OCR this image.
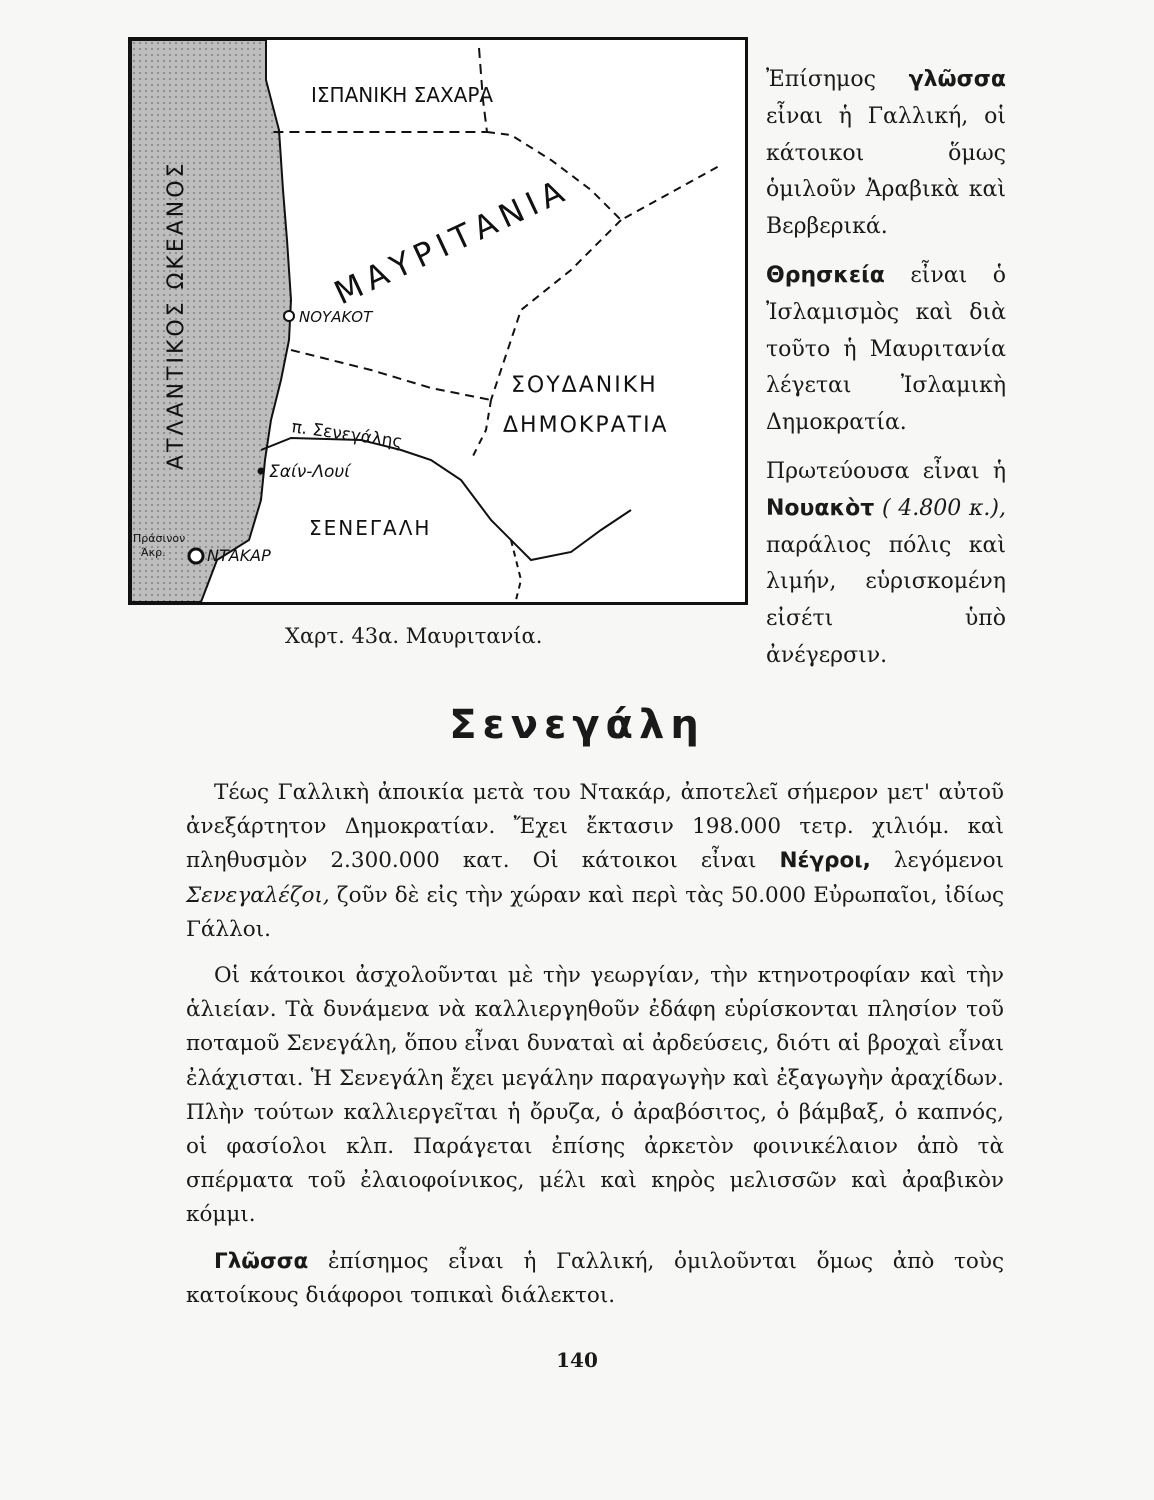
ΙΣΠΑΝΙΚΗ ΣΑΧΑΡΑ
ΑΤΛΑΝΤΙΚΟΣ ΩΚΕΑΝΟΣ	ΜΑΥΡΙΤΑΝΙΑ
ΝΟΥΑΚΟΤ
ΣΟΥΔΑΝΙΚΗ
ΔΗΜΟΚΡΑΤΙΑ
π. Σενεγάλης
Σαίν-Λουί
ΣΕΝΕΓΑΛΗ
Πράσινον
Άκρ.	ΝΤΑΚΑΡ
Χαρτ. 43α. Μαυριτανία.

Ἐπίσημος γλῶσσα εἶναι ἡ Γαλλική, οἱ κάτοικοι ὅμως ὁμιλοῦν Ἀραβικὰ καὶ Βερβερικά.

Θρησκεία εἶναι ὁ Ἰσλαμισμὸς καὶ διὰ τοῦτο ἡ Μαυριτανία λέγεται Ἰσλαμικὴ Δημοκρατία.

Πρωτεύουσα εἶναι ἡ Νουακὸτ ( 4.800 κ.), παράλιος πόλις καὶ λιμήν, εὑρισκομένη εἰσέτι ὑπὸ ἀνέγερσιν.

Σενεγάλη

Τέως Γαλλικὴ ἀποικία μετὰ του Ντακάρ, ἀποτελεῖ σήμερον μετ' αὐτοῦ ἀνεξάρτητον Δημοκρατίαν. Ἔχει ἔκτασιν 198.000 τετρ. χιλιόμ. καὶ πληθυσμὸν 2.300.000 κατ. Οἱ κάτοικοι εἶναι Νέγροι, λεγόμενοι Σενεγαλέζοι, ζοῦν δὲ εἰς τὴν χώραν καὶ περὶ τὰς 50.000 Εὐρωπαῖοι, ἰδίως Γάλλοι.

Οἱ κάτοικοι ἀσχολοῦνται μὲ τὴν γεωργίαν, τὴν κτηνοτροφίαν καὶ τὴν ἁλιείαν. Τὰ δυνάμενα νὰ καλλιεργηθοῦν ἐδάφη εὑρίσκονται πλησίον τοῦ ποταμοῦ Σενεγάλη, ὅπου εἶναι δυναταὶ αἱ ἀρδεύσεις, διότι αἱ βροχαὶ εἶναι ἐλάχισται. Ἡ Σενεγάλη ἔχει μεγάλην παραγωγὴν καὶ ἐξαγωγὴν ἀραχίδων. Πλὴν τούτων καλλιεργεῖται ἡ ὄρυζα, ὁ ἀραβόσιτος, ὁ βάμβαξ, ὁ καπνός, οἱ φασίολοι κλπ. Παράγεται ἐπίσης ἀρκετὸν φοινικέλαιον ἀπὸ τὰ σπέρματα τοῦ ἐλαιοφοίνικος, μέλι καὶ κηρὸς μελισσῶν καὶ ἀραβικὸν κόμμι.

Γλῶσσα ἐπίσημος εἶναι ἡ Γαλλική, ὁμιλοῦνται ὅμως ἀπὸ τοὺς κατοίκους διάφοροι τοπικαὶ διάλεκτοι.

140
